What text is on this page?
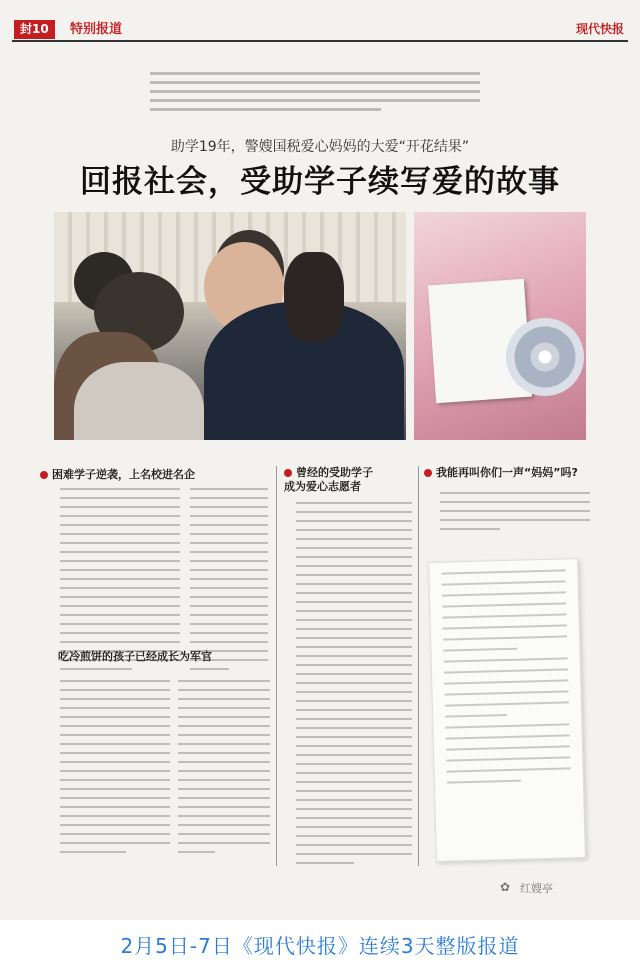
封10	特别报道	现代快报
助学19年，警嫂国税爱心妈妈的大爱“开花结果”
回报社会，受助学子续写爱的故事
困难学子逆袭，上名校进名企
吃冷煎饼的孩子已经成长为军官
曾经的受助学子
成为爱心志愿者
我能再叫你们一声“妈妈”吗?
✿ 红嫂亭
2月5日-7日《现代快报》连续3天整版报道
